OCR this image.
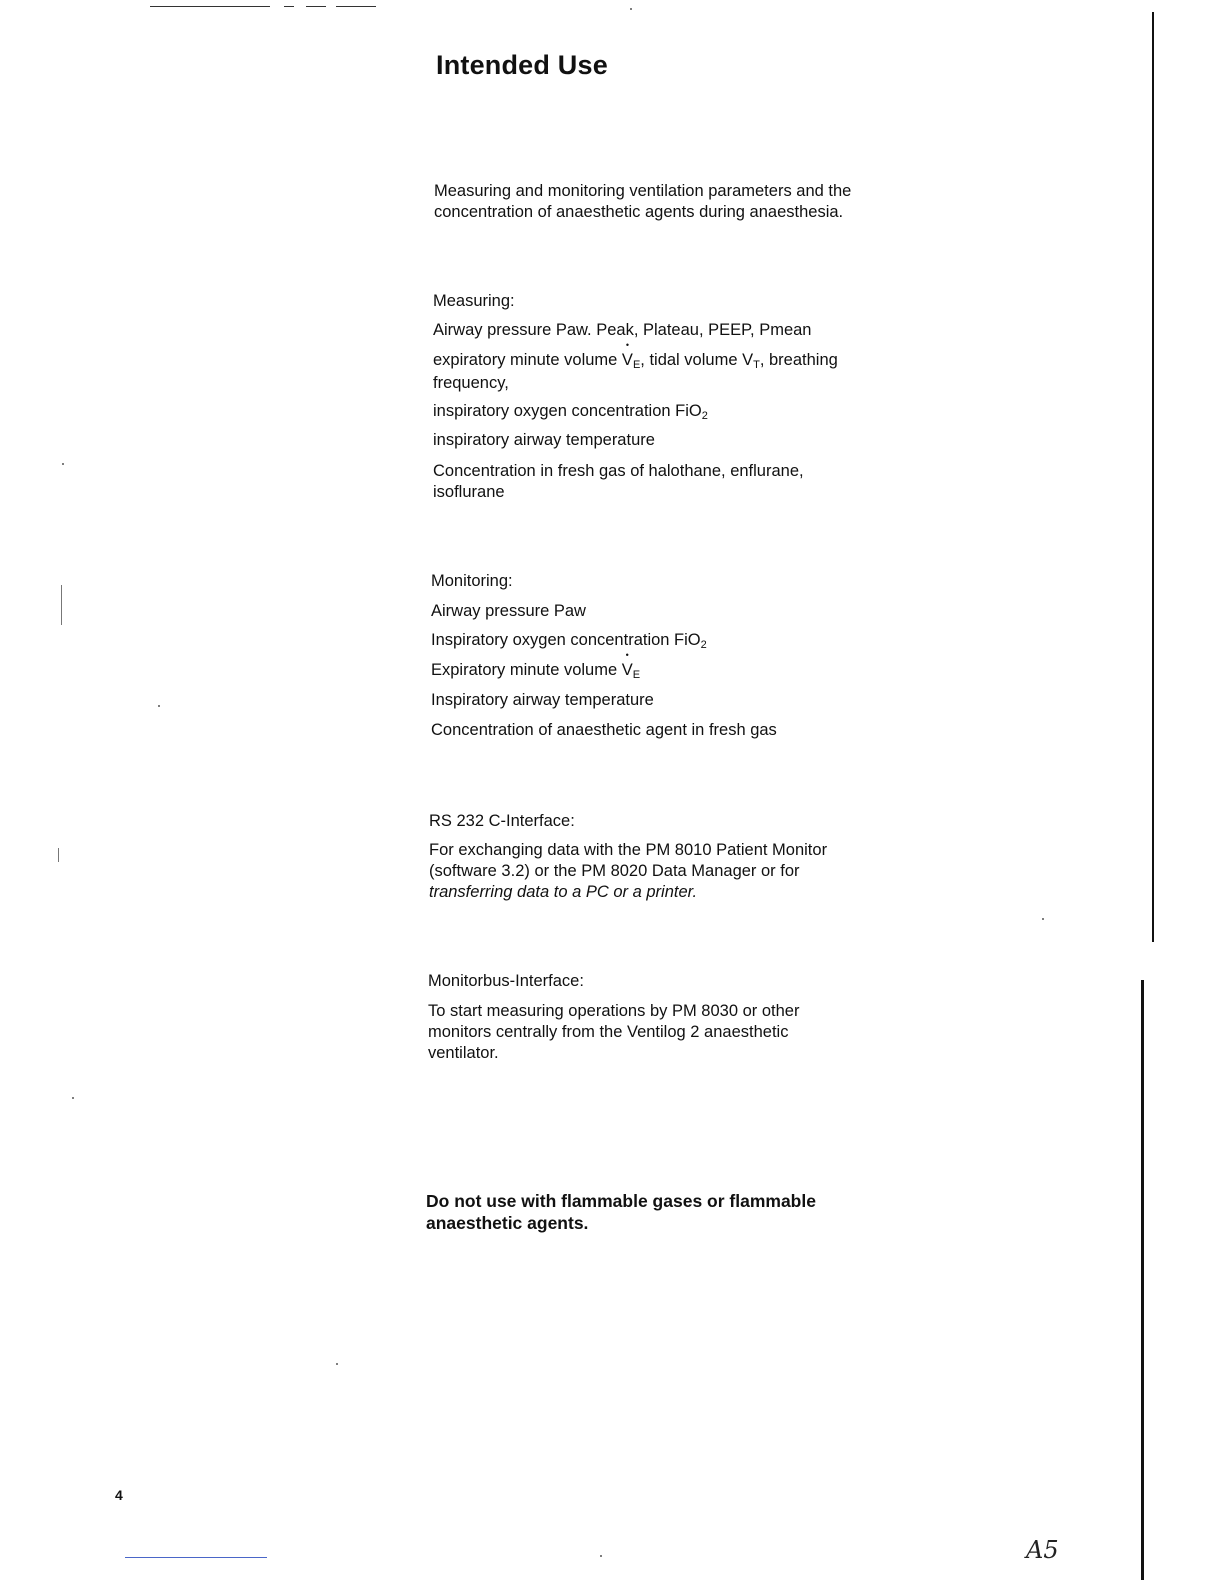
Intended Use
Measuring and monitoring ventilation parameters and the
concentration of anaesthetic agents during anaesthesia.
Measuring:
Airway pressure Paw. Peak, Plateau, PEEP, Pmean
expiratory minute volume • $V_E$, tidal volume $V_T$, breathing
frequency,
inspiratory oxygen concentration FiO$_2$
inspiratory airway temperature
Concentration in fresh gas of halothane, enflurane,
isoflurane
Monitoring:
Airway pressure Paw
Inspiratory oxygen concentration FiO$_2$
Expiratory minute volume • $V_E$
Inspiratory airway temperature
Concentration of anaesthetic agent in fresh gas
RS 232 C-Interface:
For exchanging data with the PM 8010 Patient Monitor
(software 3.2) or the PM 8020 Data Manager or for
transferring data to a PC or a printer.
Monitorbus-Interface:
To start measuring operations by PM 8030 or other
monitors centrally from the Ventilog 2 anaesthetic
ventilator.
Do not use with flammable gases or flammable
anaesthetic agents.
4
A5
